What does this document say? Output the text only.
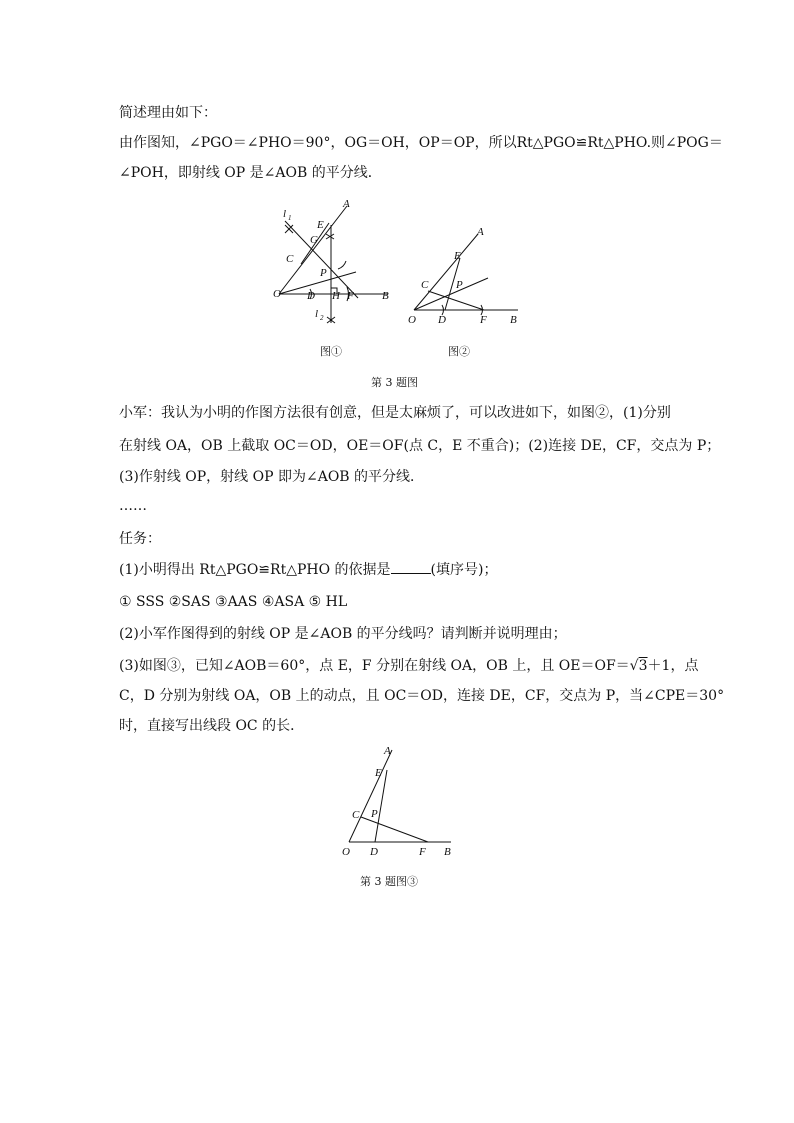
简述理由如下：
由作图知，∠PGO＝∠PHO＝90°，OG＝OH，OP＝OP，所以Rt△PGO≌Rt△PHO.则∠POG＝
∠POH，即射线 OP 是∠AOB 的平分线．
l 1
A
E
G
C
P
O D H F	B
l 2
A
E
C	P
O D	F B
图①	图②
第 3 题图
小军：我认为小明的作图方法很有创意，但是太麻烦了，可以改进如下，如图②，(1)分别
在射线 OA，OB 上截取 OC＝OD，OE＝OF(点 C，E 不重合)；(2)连接 DE，CF，交点为 P；
(3)作射线 OP，射线 OP 即为∠AOB 的平分线．
……
任务：
(1)小明得出 Rt△PGO≌Rt△PHO 的依据是	(填序号)；
① SSS ②SAS ③AAS ④ASA ⑤ HL
(2)小军作图得到的射线 OP 是∠AOB 的平分线吗？请判断并说明理由；
(3)如图③，已知∠AOB＝60°，点 E，F 分别在射线 OA，OB 上，且 OE＝OF＝√3＋1，点
C，D 分别为射线 OA，OB 上的动点，且 OC＝OD，连接 DE，CF，交点为 P，当∠CPE＝30°
时，直接写出线段 OC 的长．
A
E
C P
O D	F B
第 3 题图③
